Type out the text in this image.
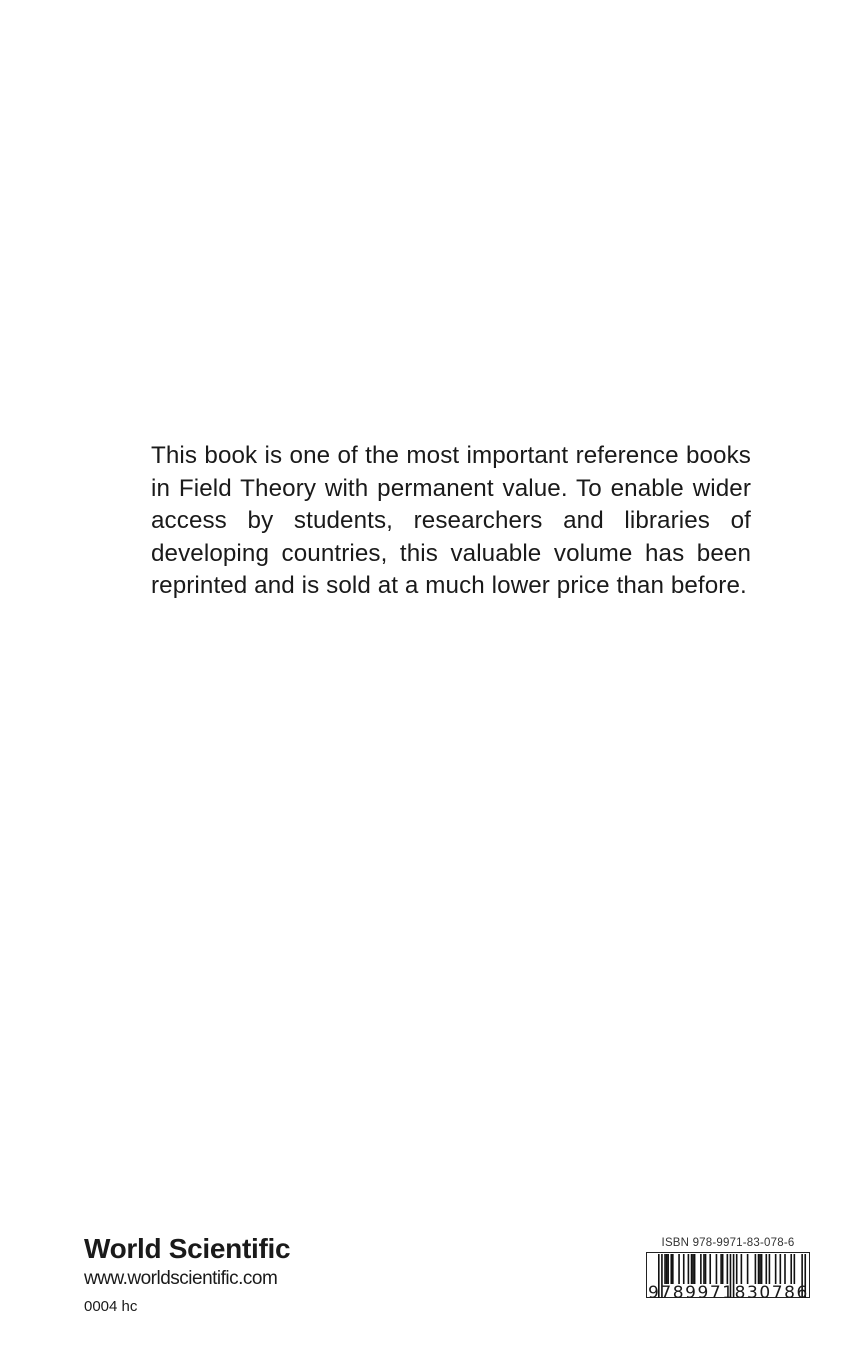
This book is one of the most important reference books in Field Theory with permanent value. To enable wider access by students, researchers and libraries of developing countries, this valuable volume has been reprinted and is sold at a much lower price than before.
World Scientific
www.worldscientific.com
0004 hc
ISBN 978-9971-83-078-6
9 7 8 9 9 7 1 8 3 0 7 8 6
